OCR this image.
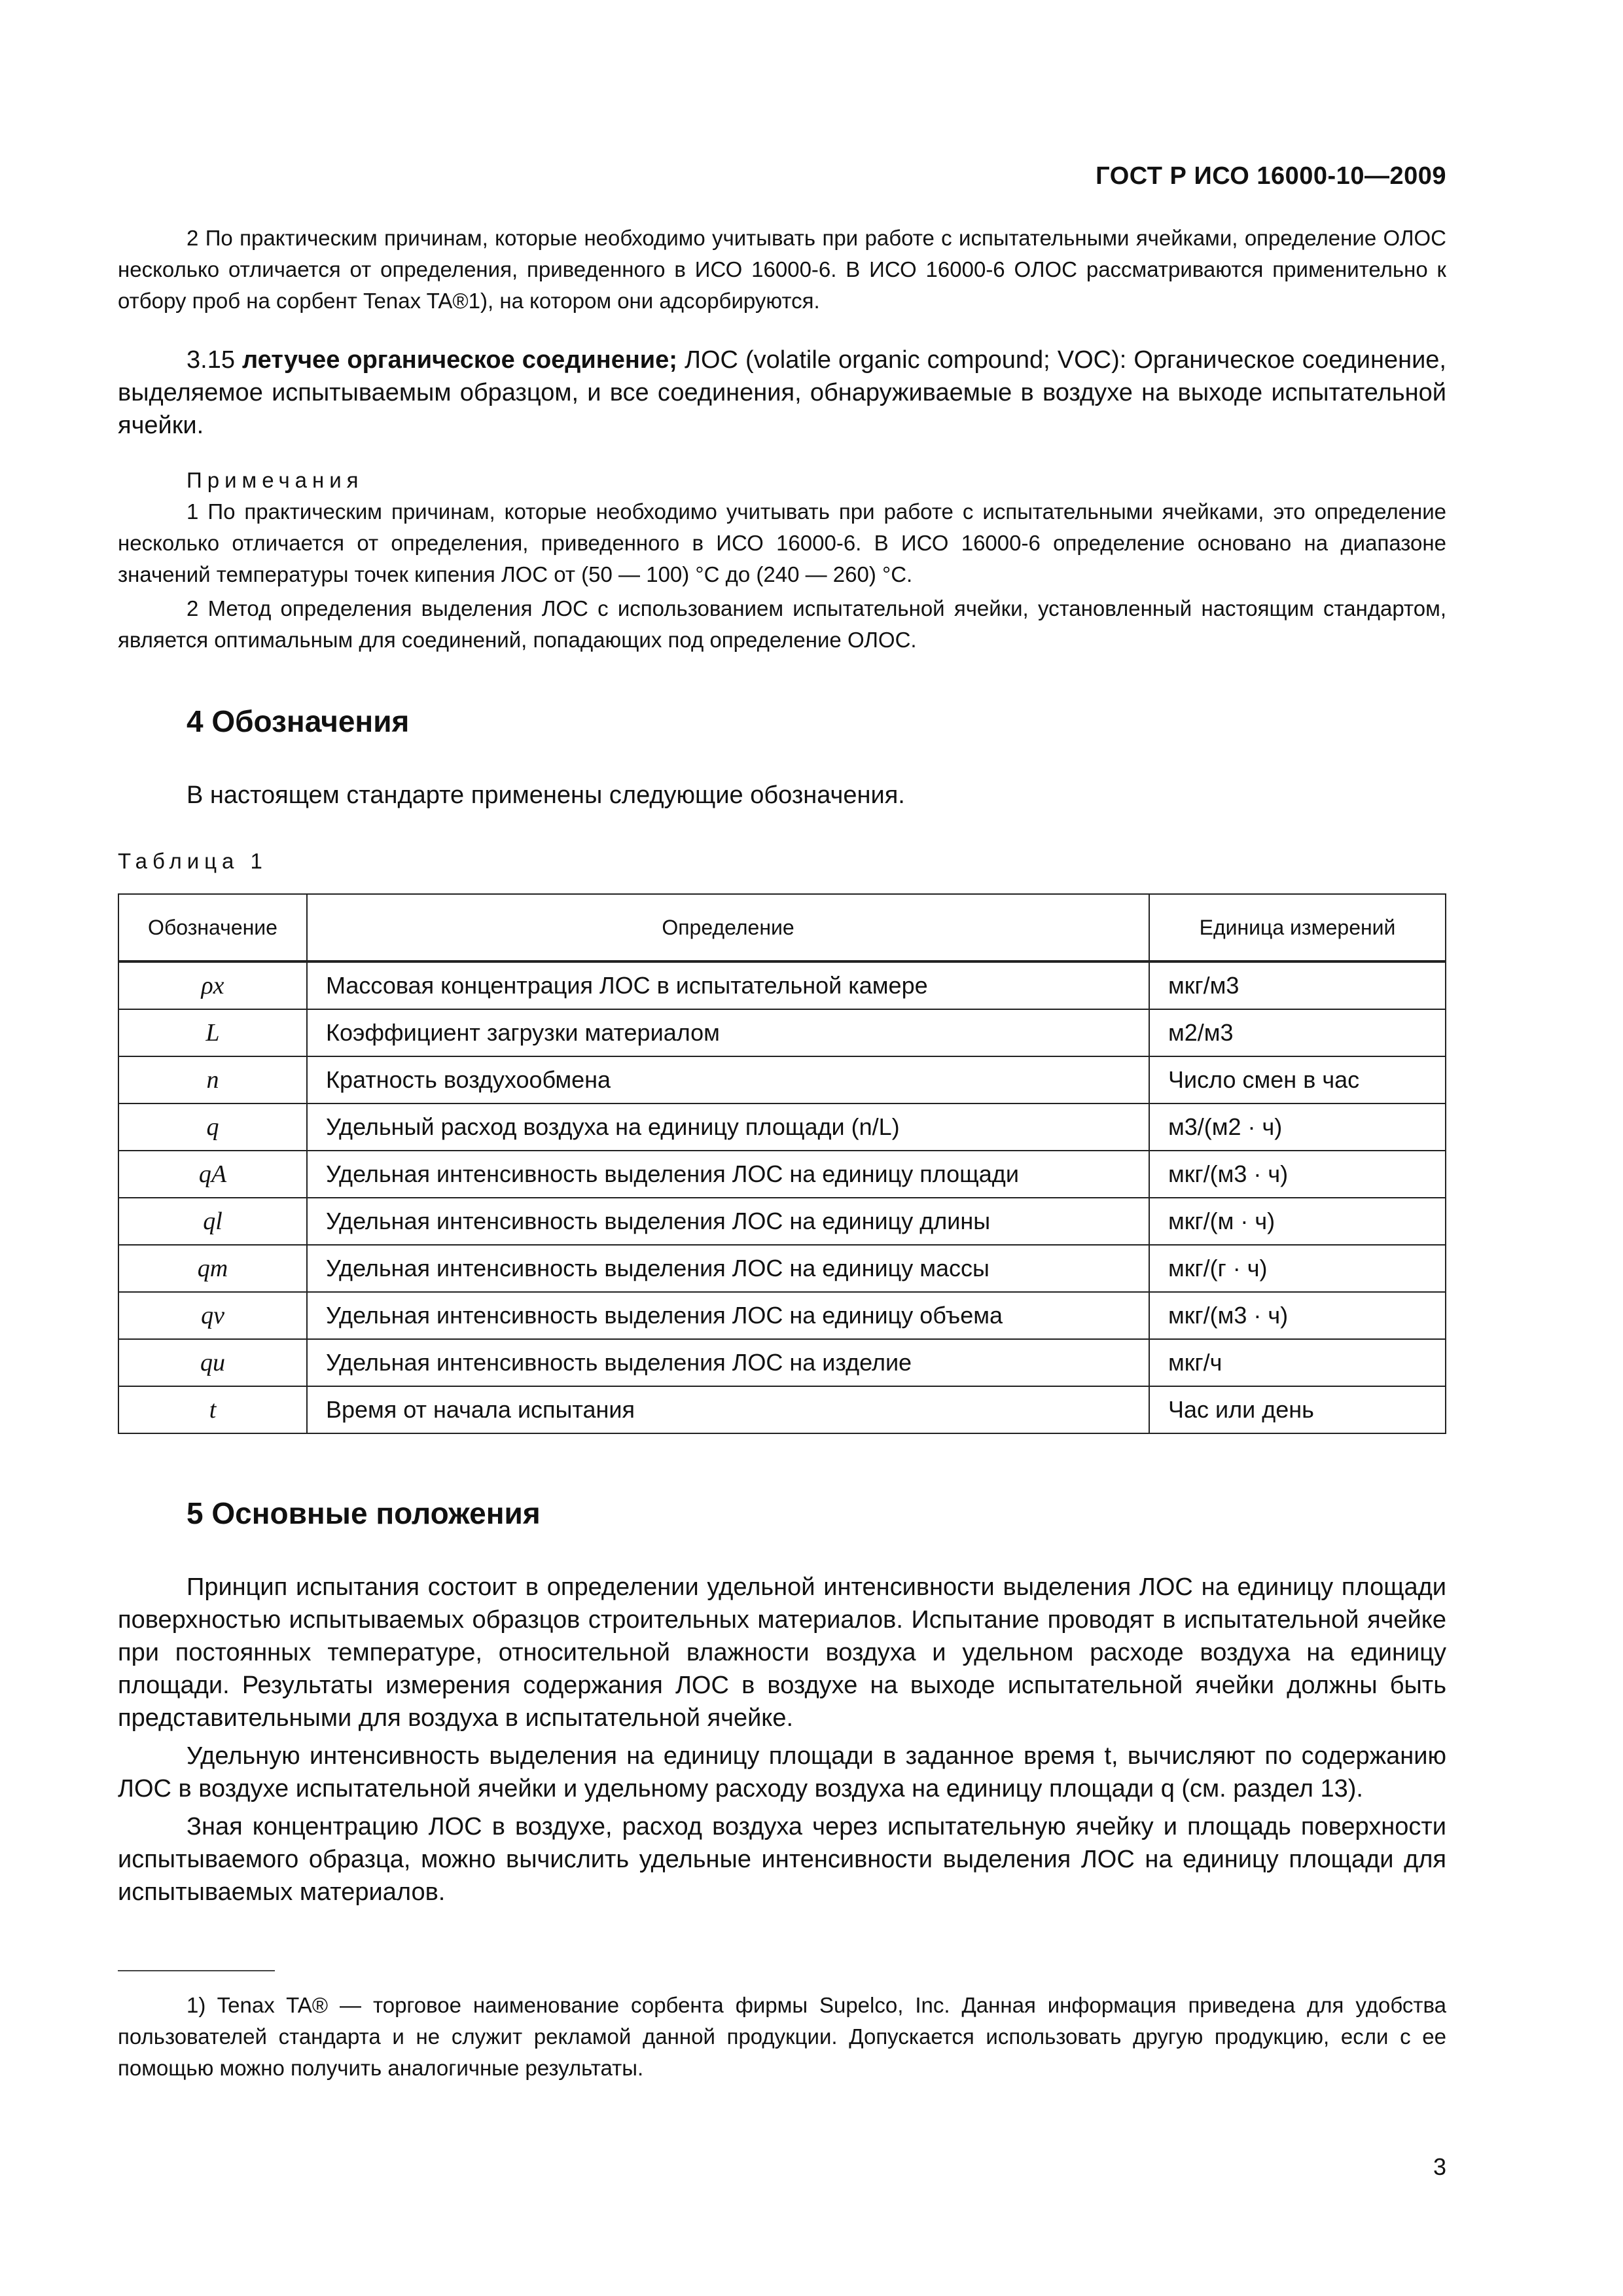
ГОСТ Р ИСО 16000-10—2009
2 По практическим причинам, которые необходимо учитывать при работе с испытательными ячейками, определение ОЛОС несколько отличается от определения, приведенного в ИСО 16000-6. В ИСО 16000-6 ОЛОС рассматриваются применительно к отбору проб на сорбент Tenax TA®1), на котором они адсорбируются.

3.15 летучее органическое соединение; ЛОС (volatile organic compound; VOC): Органическое соединение, выделяемое испытываемым образцом, и все соединения, обнаруживаемые в воздухе на выходе испытательной ячейки.

Примечания

1 По практическим причинам, которые необходимо учитывать при работе с испытательными ячейками, это определение несколько отличается от определения, приведенного в ИСО 16000-6. В ИСО 16000-6 определение основано на диапазоне значений температуры точек кипения ЛОС от (50 — 100) °С до (240 — 260) °С.

2 Метод определения выделения ЛОС с использованием испытательной ячейки, установленный настоящим стандартом, является оптимальным для соединений, попадающих под определение ОЛОС.

4 Обозначения

В настоящем стандарте применены следующие обозначения.

Таблица 1
Обозначение	Определение	Единица измерений
ρx	Массовая концентрация ЛОС в испытательной камере	мкг/м3
L	Коэффициент загрузки материалом	м2/м3
n	Кратность воздухообмена	Число смен в час
q	Удельный расход воздуха на единицу площади (n/L)	м3/(м2 · ч)
qA	Удельная интенсивность выделения ЛОС на единицу площади	мкг/(м3 · ч)
ql	Удельная интенсивность выделения ЛОС на единицу длины	мкг/(м · ч)
qm	Удельная интенсивность выделения ЛОС на единицу массы	мкг/(г · ч)
qv	Удельная интенсивность выделения ЛОС на единицу объема	мкг/(м3 · ч)
qu	Удельная интенсивность выделения ЛОС на изделие	мкг/ч
t	Время от начала испытания	Час или день
5 Основные положения

Принцип испытания состоит в определении удельной интенсивности выделения ЛОС на единицу площади поверхностью испытываемых образцов строительных материалов. Испытание проводят в испытательной ячейке при постоянных температуре, относительной влажности воздуха и удельном расходе воздуха на единицу площади. Результаты измерения содержания ЛОС в воздухе на выходе испытательной ячейки должны быть представительными для воздуха в испытательной ячейке.

Удельную интенсивность выделения на единицу площади в заданное время t, вычисляют по содержанию ЛОС в воздухе испытательной ячейки и удельному расходу воздуха на единицу площади q (см. раздел 13).

Зная концентрацию ЛОС в воздухе, расход воздуха через испытательную ячейку и площадь поверхности испытываемого образца, можно вычислить удельные интенсивности выделения ЛОС на единицу площади для испытываемых материалов.

1) Tenax TA® — торговое наименование сорбента фирмы Supelco, Inc. Данная информация приведена для удобства пользователей стандарта и не служит рекламой данной продукции. Допускается использовать другую продукцию, если с ее помощью можно получить аналогичные результаты.
3
